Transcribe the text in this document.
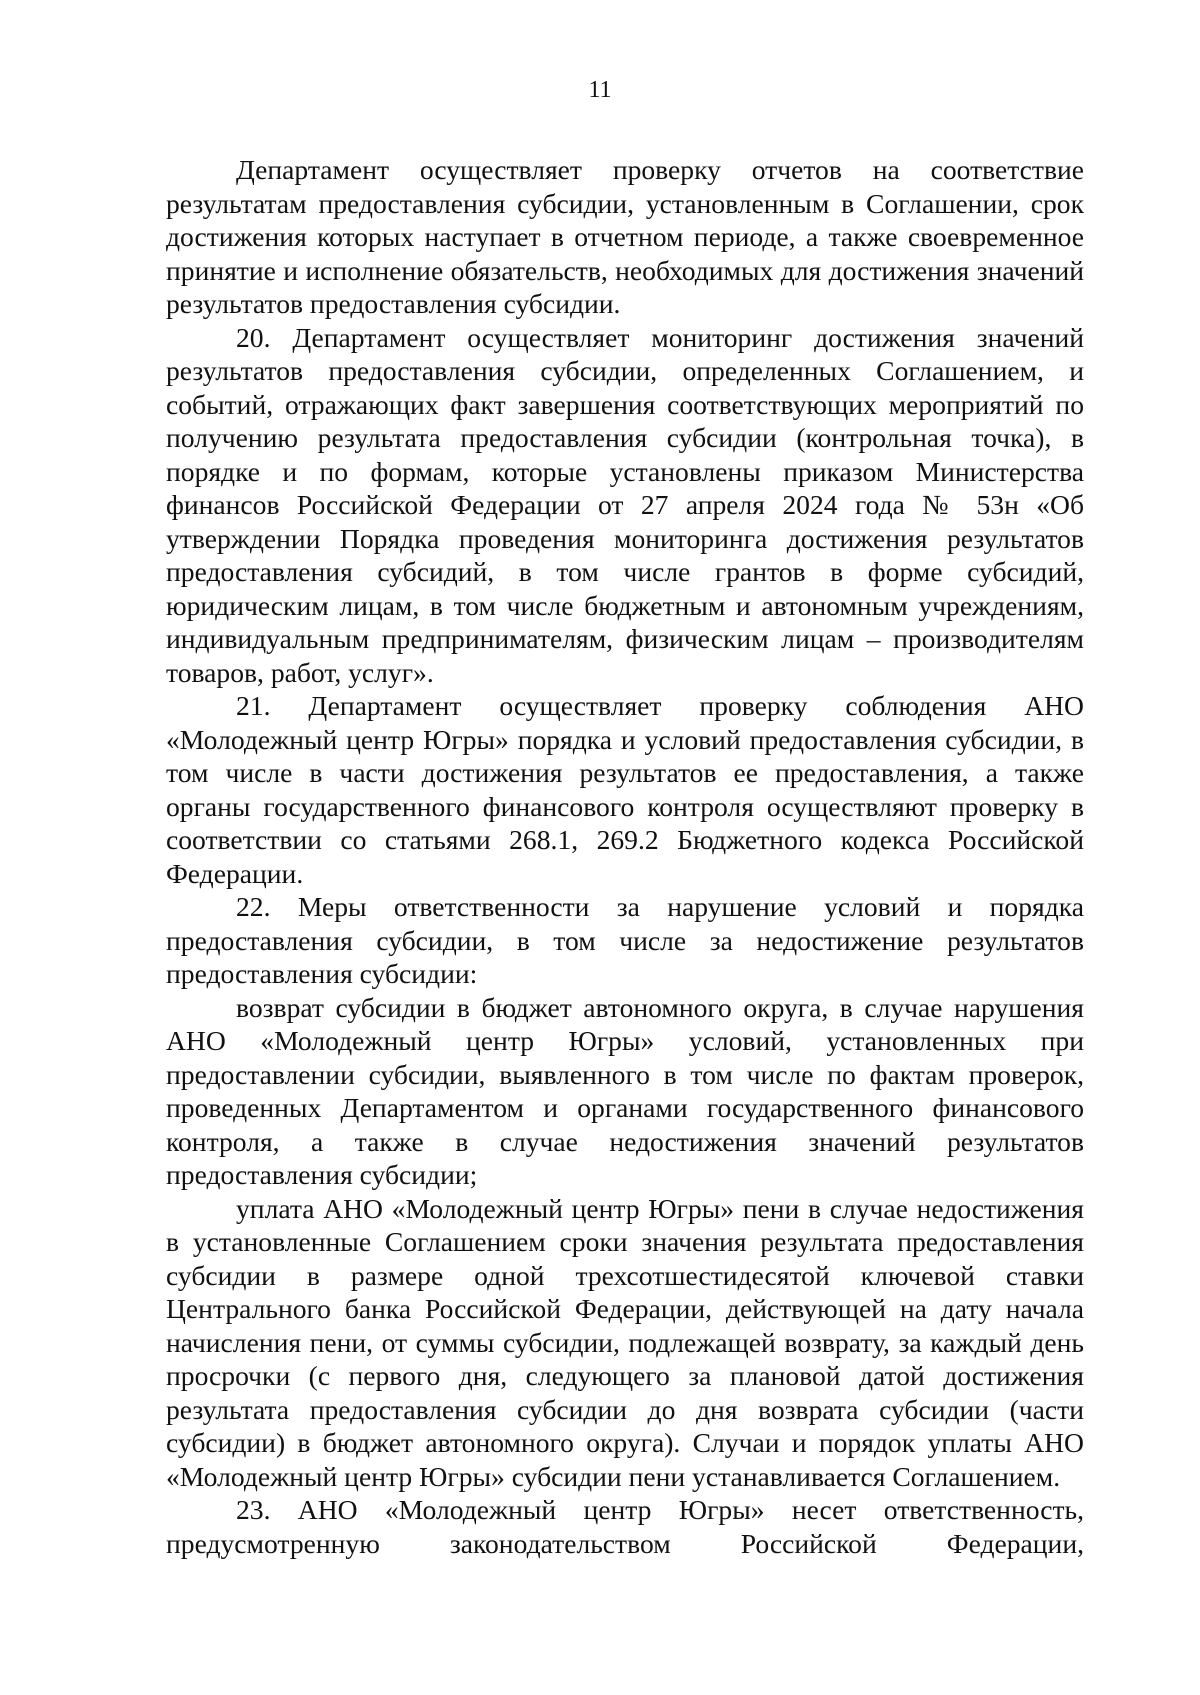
11

Департамент осуществляет проверку отчетов на соответствие результатам предоставления субсидии, установленным в Соглашении, срок достижения которых наступает в отчетном периоде, а также своевременное принятие и исполнение обязательств, необходимых для достижения значений результатов предоставления субсидии.

20. Департамент осуществляет мониторинг достижения значений результатов предоставления субсидии, определенных Соглашением, и событий, отражающих факт завершения соответствующих мероприятий по получению результата предоставления субсидии (контрольная точка), в порядке и по формам, которые установлены приказом Министерства финансов Российской Федерации от 27 апреля 2024 года № 53н «Об утверждении Порядка проведения мониторинга достижения результатов предоставления субсидий, в том числе грантов в форме субсидий, юридическим лицам, в том числе бюджетным и автономным учреждениям, индивидуальным предпринимателям, физическим лицам – производителям товаров, работ, услуг».

21. Департамент осуществляет проверку соблюдения АНО «Молодежный центр Югры» порядка и условий предоставления субсидии, в том числе в части достижения результатов ее предоставления, а также органы государственного финансового контроля осуществляют проверку в соответствии со статьями 268.1, 269.2 Бюджетного кодекса Российской Федерации.

22. Меры ответственности за нарушение условий и порядка предоставления субсидии, в том числе за недостижение результатов предоставления субсидии:

возврат субсидии в бюджет автономного округа, в случае нарушения АНО «Молодежный центр Югры» условий, установленных при предоставлении субсидии, выявленного в том числе по фактам проверок, проведенных Департаментом и органами государственного финансового контроля, а также в случае недостижения значений результатов предоставления субсидии;

уплата АНО «Молодежный центр Югры» пени в случае недостижения в установленные Соглашением сроки значения результата предоставления субсидии в размере одной трехсотшестидесятой ключевой ставки Центрального банка Российской Федерации, действующей на дату начала начисления пени, от суммы субсидии, подлежащей возврату, за каждый день просрочки (с первого дня, следующего за плановой датой достижения результата предоставления субсидии до дня возврата субсидии (части субсидии) в бюджет автономного округа). Случаи и порядок уплаты АНО «Молодежный центр Югры» субсидии пени устанавливается Соглашением.

23. АНО «Молодежный центр Югры» несет ответственность, предусмотренную законодательством Российской Федерации,
